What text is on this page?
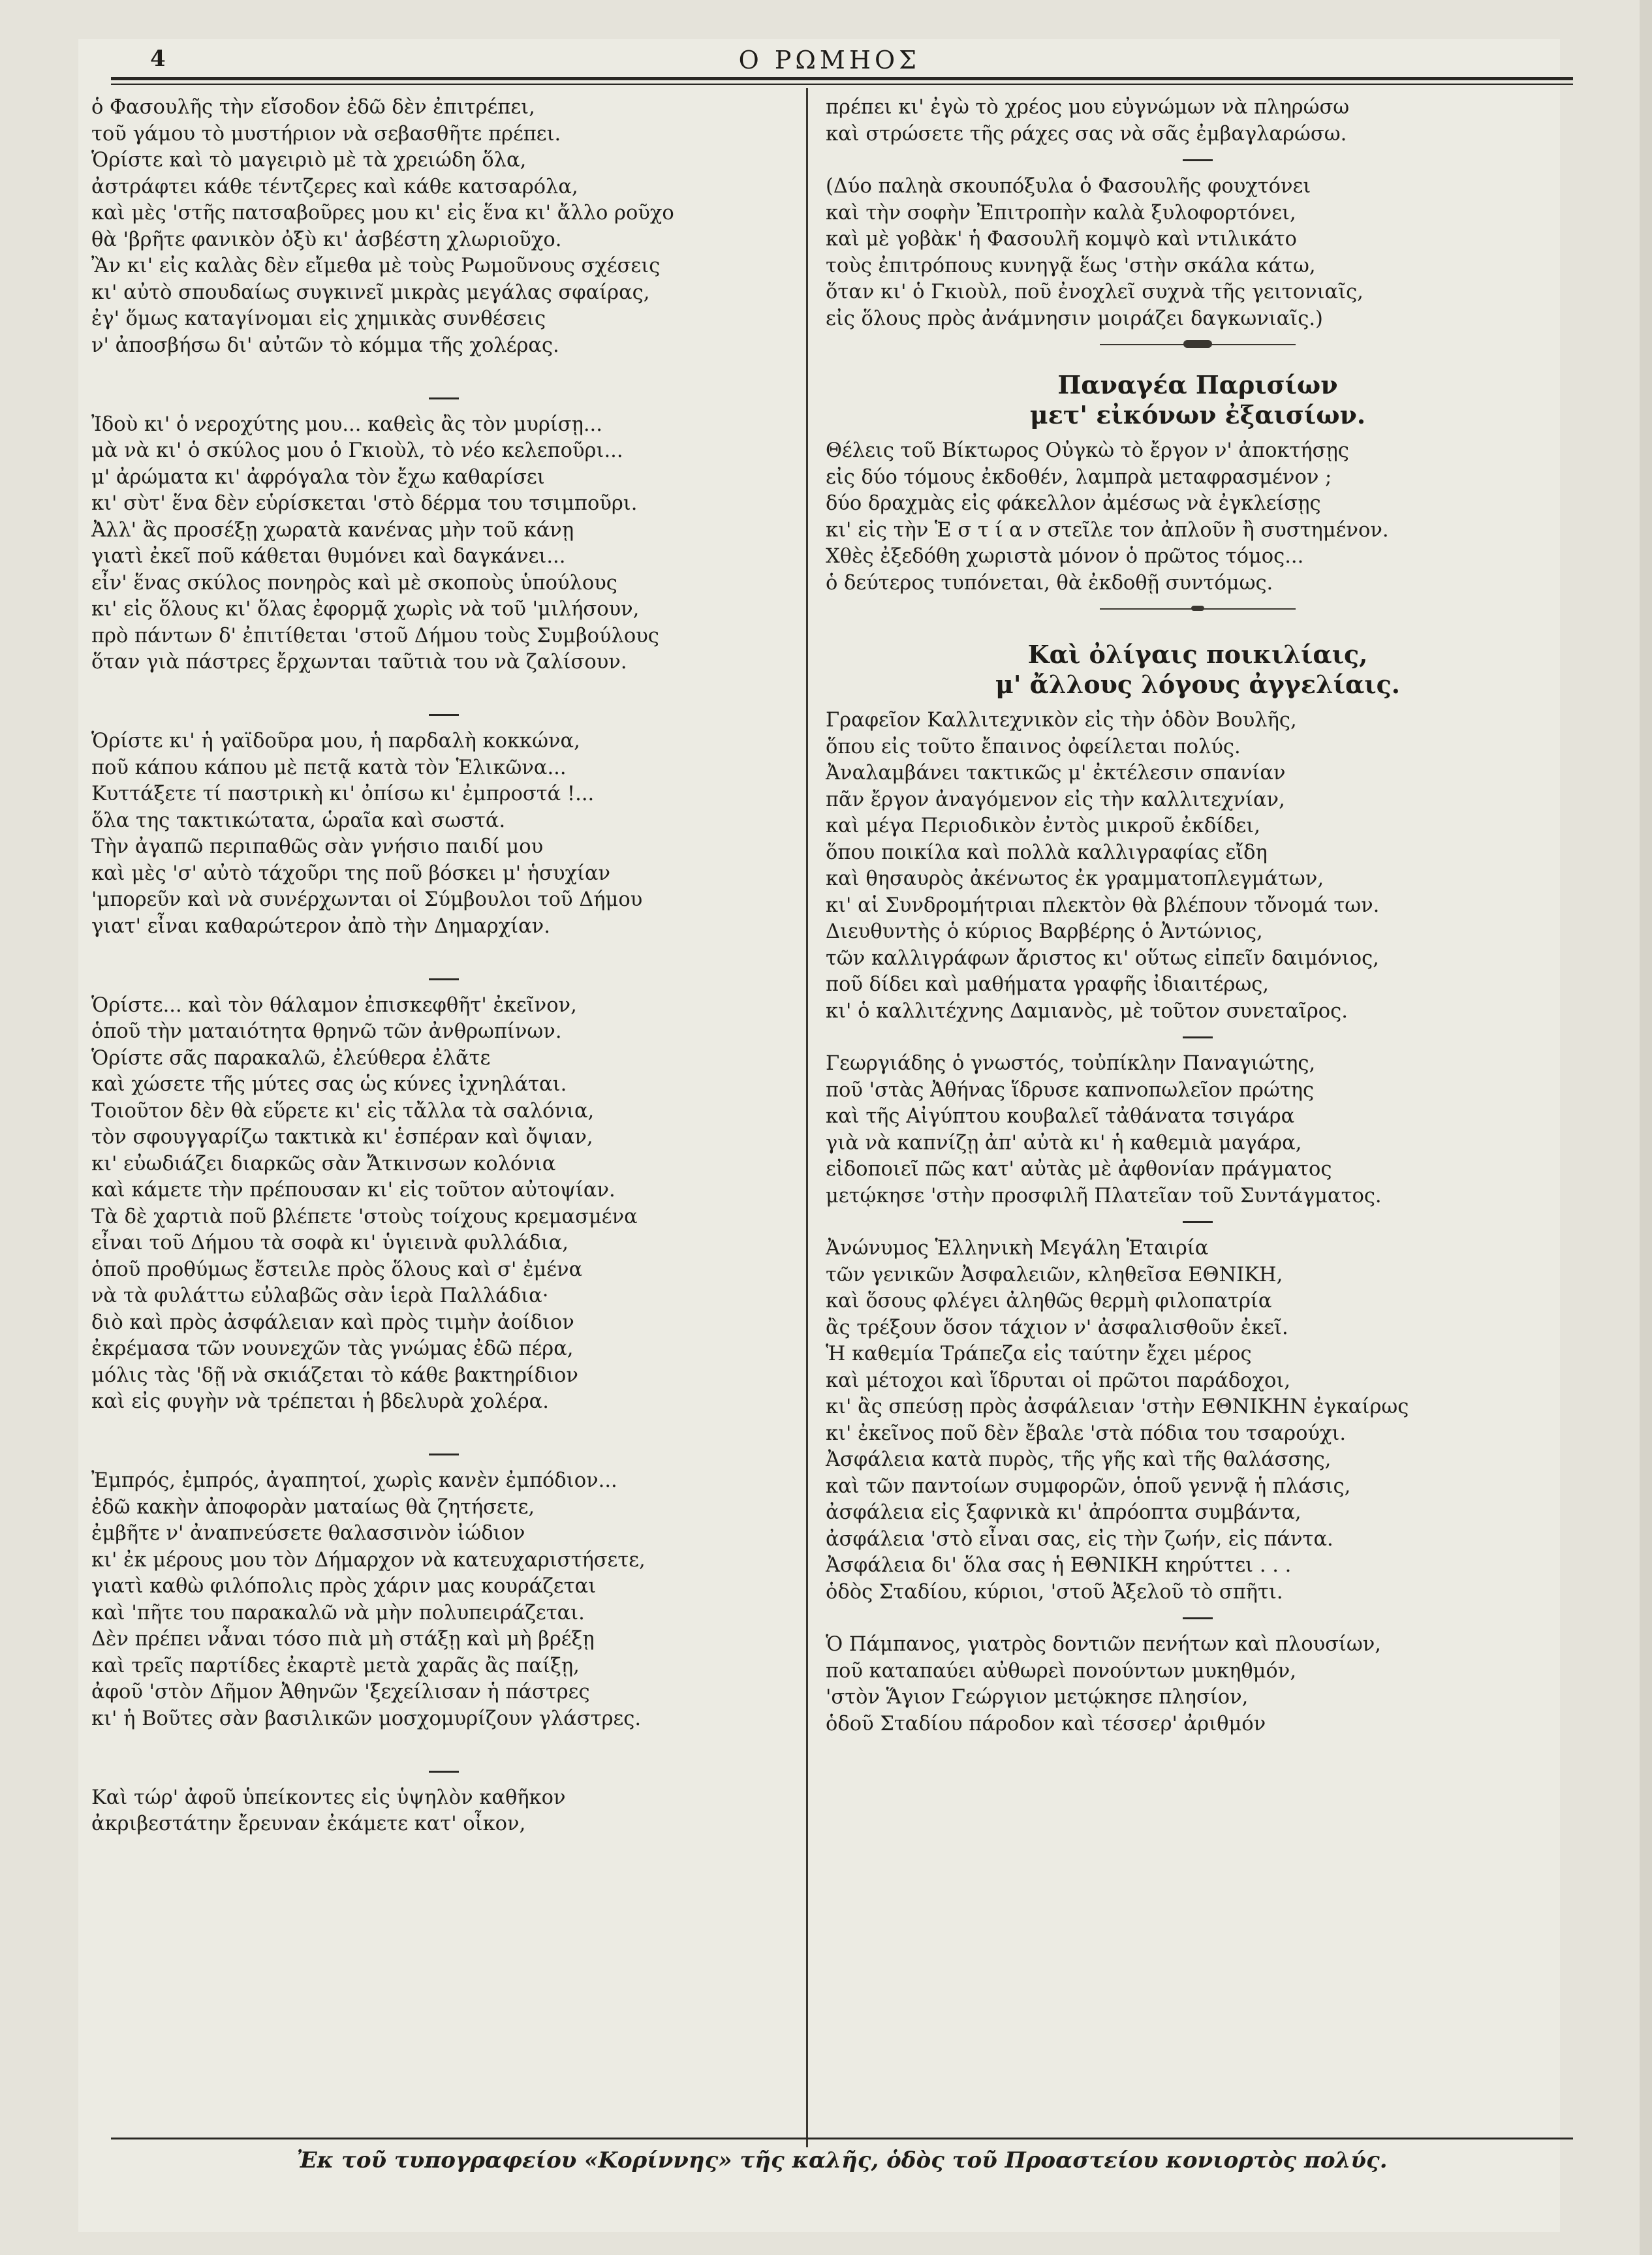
4	Ο ΡΩΜΗΟΣ
ὁ Φασουλῆς τὴν εἴσοδον ἐδῶ δὲν ἐπιτρέπει,
τοῦ γάμου τὸ μυστήριον νὰ σεβασθῆτε πρέπει.
Ὁρίστε καὶ τὸ μαγειριὸ μὲ τὰ χρειώδη ὅλα,
ἀστράφτει κάθε τέντζερες καὶ κάθε κατσαρόλα,
καὶ μὲς 'στῆς πατσαβοῦρες μου κι' εἰς ἕνα κι' ἄλλο ροῦχο
θὰ 'βρῆτε φανικὸν ὀξὺ κι' ἀσβέστη χλωριοῦχο.
Ἂν κι' εἰς καλὰς δὲν εἴμεθα μὲ τοὺς Ρωμοῦνους σχέσεις
κι' αὐτὸ σπουδαίως συγκινεῖ μικρὰς μεγάλας σφαίρας,
ἐγ' ὅμως καταγίνομαι εἰς χημικὰς συνθέσεις
ν' ἀποσβήσω δι' αὐτῶν τὸ κόμμα τῆς χολέρας.
Ἰδοὺ κι' ὁ νεροχύτης μου... καθεὶς ἂς τὸν μυρίσῃ...
μὰ νὰ κι' ὁ σκύλος μου ὁ Γκιοὺλ, τὸ νέο κελεποῦρι...
μ' ἀρώματα κι' ἀφρόγαλα τὸν ἔχω καθαρίσει
κι' σὺτ' ἕνα δὲν εὑρίσκεται 'στὸ δέρμα του τσιμποῦρι.
Ἀλλ' ἂς προσέξῃ χωρατὰ κανένας μὴν τοῦ κάνῃ
γιατὶ ἐκεῖ ποῦ κάθεται θυμόνει καὶ δαγκάνει...
εἶν' ἕνας σκύλος πονηρὸς καὶ μὲ σκοποὺς ὑπούλους
κι' εἰς ὅλους κι' ὅλας ἐφορμᾷ χωρὶς νὰ τοῦ 'μιλήσουν,
πρὸ πάντων δ' ἐπιτίθεται 'στοῦ Δήμου τοὺς Συμβούλους
ὅταν γιὰ πάστρες ἔρχωνται ταῦτιὰ του νὰ ζαλίσουν.
Ὁρίστε κι' ἡ γαϊδοῦρα μου, ἡ παρδαλὴ κοκκώνα,
ποῦ κάπου κάπου μὲ πετᾷ κατὰ τὸν Ἑλικῶνα...
Κυττάξετε τί παστρικὴ κι' ὀπίσω κι' ἐμπροστά !...
ὅλα της τακτικώτατα, ὡραῖα καὶ σωστά.
Τὴν ἀγαπῶ περιπαθῶς σὰν γνήσιο παιδί μου
καὶ μὲς 'σ' αὐτὸ τάχοῦρι της ποῦ βόσκει μ' ἡσυχίαν
'μπορεῦν καὶ νὰ συνέρχωνται οἱ Σύμβουλοι τοῦ Δήμου
γιατ' εἶναι καθαρώτερον ἀπὸ τὴν Δημαρχίαν.
Ὁρίστε... καὶ τὸν θάλαμον ἐπισκεφθῆτ' ἐκεῖνον,
ὁποῦ τὴν ματαιότητα θρηνῶ τῶν ἀνθρωπίνων.
Ὁρίστε σᾶς παρακαλῶ, ἐλεύθερα ἐλᾶτε
καὶ χώσετε τῆς μύτες σας ὡς κύνες ἰχνηλάται.
Τοιοῦτον δὲν θὰ εὕρετε κι' εἰς τἄλλα τὰ σαλόνια,
τὸν σφουγγαρίζω τακτικὰ κι' ἑσπέραν καὶ ὄψιαν,
κι' εὐωδιάζει διαρκῶς σὰν Ἄτκινσων κολόνια
καὶ κάμετε τὴν πρέπουσαν κι' εἰς τοῦτον αὐτοψίαν.
Τὰ δὲ χαρτιὰ ποῦ βλέπετε 'στοὺς τοίχους κρεμασμένα
εἶναι τοῦ Δήμου τὰ σοφὰ κι' ὑγιεινὰ φυλλάδια,
ὁποῦ προθύμως ἔστειλε πρὸς ὅλους καὶ σ' ἐμένα
νὰ τὰ φυλάττω εὐλαβῶς σὰν ἱερὰ Παλλάδια·
διὸ καὶ πρὸς ἀσφάλειαν καὶ πρὸς τιμὴν ἀοίδιον
ἐκρέμασα τῶν νουνεχῶν τὰς γνώμας ἐδῶ πέρα,
μόλις τὰς 'δῇ νὰ σκιάζεται τὸ κάθε βακτηρίδιον
καὶ εἰς φυγὴν νὰ τρέπεται ἡ βδελυρὰ χολέρα.
Ἐμπρός, ἐμπρός, ἀγαπητοί, χωρὶς κανὲν ἐμπόδιον...
ἐδῶ κακὴν ἀποφορὰν ματαίως θὰ ζητήσετε,
ἐμβῆτε ν' ἀναπνεύσετε θαλασσινὸν ἰώδιον
κι' ἐκ μέρους μου τὸν Δήμαρχον νὰ κατευχαριστήσετε,
γιατὶ καθὼ φιλόπολις πρὸς χάριν μας κουράζεται
καὶ 'πῆτε του παρακαλῶ νὰ μὴν πολυπειράζεται.
Δὲν πρέπει νἆναι τόσο πιὰ μὴ στάξῃ καὶ μὴ βρέξῃ
καὶ τρεῖς παρτίδες ἐκαρτὲ μετὰ χαρᾶς ἂς παίξῃ,
ἀφοῦ 'στὸν Δῆμον Ἀθηνῶν 'ξεχείλισαν ἡ πάστρες
κι' ἡ Βοῦτες σὰν βασιλικῶν μοσχομυρίζουν γλάστρες.
Καὶ τώρ' ἀφοῦ ὑπείκοντες εἰς ὑψηλὸν καθῆκον
ἀκριβεστάτην ἔρευναν ἐκάμετε κατ' οἶκον,
πρέπει κι' ἐγὼ τὸ χρέος μου εὐγνώμων νὰ πληρώσω
καὶ στρώσετε τῆς ράχες σας νὰ σᾶς ἐμβαγλαρώσω.
(Δύο παληὰ σκουπόξυλα ὁ Φασουλῆς φουχτόνει
καὶ τὴν σοφὴν Ἐπιτροπὴν καλὰ ξυλοφορτόνει,
καὶ μὲ γοβὰκ' ἡ Φασουλῆ κομψὸ καὶ ντιλικάτο
τοὺς ἐπιτρόπους κυνηγᾷ ἕως 'στὴν σκάλα κάτω,
ὅταν κι' ὁ Γκιοὺλ, ποῦ ἐνοχλεῖ συχνὰ τῆς γειτονιαῖς,
εἰς ὅλους πρὸς ἀνάμνησιν μοιράζει δαγκωνιαῖς.)
Παναγέα Παρισίων
μετ' εἰκόνων ἐξαισίων.
Θέλεις τοῦ Βίκτωρος Οὐγκὼ τὸ ἔργον ν' ἀποκτήσῃς
εἰς δύο τόμους ἐκδοθέν, λαμπρὰ μεταφρασμένον ;
δύο δραχμὰς εἰς φάκελλον ἀμέσως νὰ ἐγκλείσῃς
κι' εἰς τὴν Ἑ σ τ ί α ν στεῖλε τον ἀπλοῦν ἢ συστημένον.
Χθὲς ἐξεδόθη χωριστὰ μόνον ὁ πρῶτος τόμος...
ὁ δεύτερος τυπόνεται, θὰ ἐκδοθῇ συντόμως.
Καὶ ὀλίγαις ποικιλίαις,
μ' ἄλλους λόγους ἀγγελίαις.
Γραφεῖον Καλλιτεχνικὸν εἰς τὴν ὁδὸν Βουλῆς,
ὅπου εἰς τοῦτο ἔπαινος ὀφείλεται πολύς.
Ἀναλαμβάνει τακτικῶς μ' ἐκτέλεσιν σπανίαν
πᾶν ἔργον ἀναγόμενον εἰς τὴν καλλιτεχνίαν,
καὶ μέγα Περιοδικὸν ἐντὸς μικροῦ ἐκδίδει,
ὅπου ποικίλα καὶ πολλὰ καλλιγραφίας εἴδη
καὶ θησαυρὸς ἀκένωτος ἐκ γραμματοπλεγμάτων,
κι' αἱ Συνδρομήτριαι πλεκτὸν θὰ βλέπουν τὄνομά των.
Διευθυντὴς ὁ κύριος Βαρβέρης ὁ Ἀντώνιος,
τῶν καλλιγράφων ἄριστος κι' οὕτως εἰπεῖν δαιμόνιος,
ποῦ δίδει καὶ μαθήματα γραφῆς ἰδιαιτέρως,
κι' ὁ καλλιτέχνης Δαμιανὸς, μὲ τοῦτον συνεταῖρος.
Γεωργιάδης ὁ γνωστός, τοὐπίκλην Παναγιώτης,
ποῦ 'στὰς Ἀθήνας ἵδρυσε καπνοπωλεῖον πρώτης
καὶ τῆς Αἰγύπτου κουβαλεῖ τἀθάνατα τσιγάρα
γιὰ νὰ καπνίζῃ ἀπ' αὐτὰ κι' ἡ καθεμιὰ μαγάρα,
εἰδοποιεῖ πῶς κατ' αὐτὰς μὲ ἀφθονίαν πράγματος
μετῴκησε 'στὴν προσφιλῆ Πλατεῖαν τοῦ Συντάγματος.
Ἀνώνυμος Ἑλληνικὴ Μεγάλη Ἑταιρία
τῶν γενικῶν Ἀσφαλειῶν, κληθεῖσα ΕΘΝΙΚΗ,
καὶ ὅσους φλέγει ἀληθῶς θερμὴ φιλοπατρία
ἂς τρέξουν ὅσον τάχιον ν' ἀσφαλισθοῦν ἐκεῖ.
Ἡ καθεμία Τράπεζα εἰς ταύτην ἔχει μέρος
καὶ μέτοχοι καὶ ἵδρυται οἱ πρῶτοι παράδοχοι,
κι' ἂς σπεύσῃ πρὸς ἀσφάλειαν 'στὴν ΕΘΝΙΚΗΝ ἐγκαίρως
κι' ἐκεῖνος ποῦ δὲν ἔβαλε 'στὰ πόδια του τσαρούχι.
Ἀσφάλεια κατὰ πυρὸς, τῆς γῆς καὶ τῆς θαλάσσης,
καὶ τῶν παντοίων συμφορῶν, ὁποῦ γεννᾷ ἡ πλάσις,
ἀσφάλεια εἰς ξαφνικὰ κι' ἀπρόοπτα συμβάντα,
ἀσφάλεια 'στὸ εἶναι σας, εἰς τὴν ζωήν, εἰς πάντα.
Ἀσφάλεια δι' ὅλα σας ἡ ΕΘΝΙΚΗ κηρύττει . . .
ὁδὸς Σταδίου, κύριοι, 'στοῦ Ἀξελοῦ τὸ σπῆτι.
Ὁ Πάμπανος, γιατρὸς δοντιῶν πενήτων καὶ πλουσίων,
ποῦ καταπαύει αὐθωρεὶ πονούντων μυκηθμόν,
'στὸν Ἅγιον Γεώργιον μετῴκησε πλησίον,
ὁδοῦ Σταδίου πάροδον καὶ τέσσερ' ἀριθμόν
Ἐκ τοῦ τυπογραφείου «Κορίννης» τῆς καλῆς, ὁδὸς τοῦ Προαστείου κονιορτὸς πολύς.
